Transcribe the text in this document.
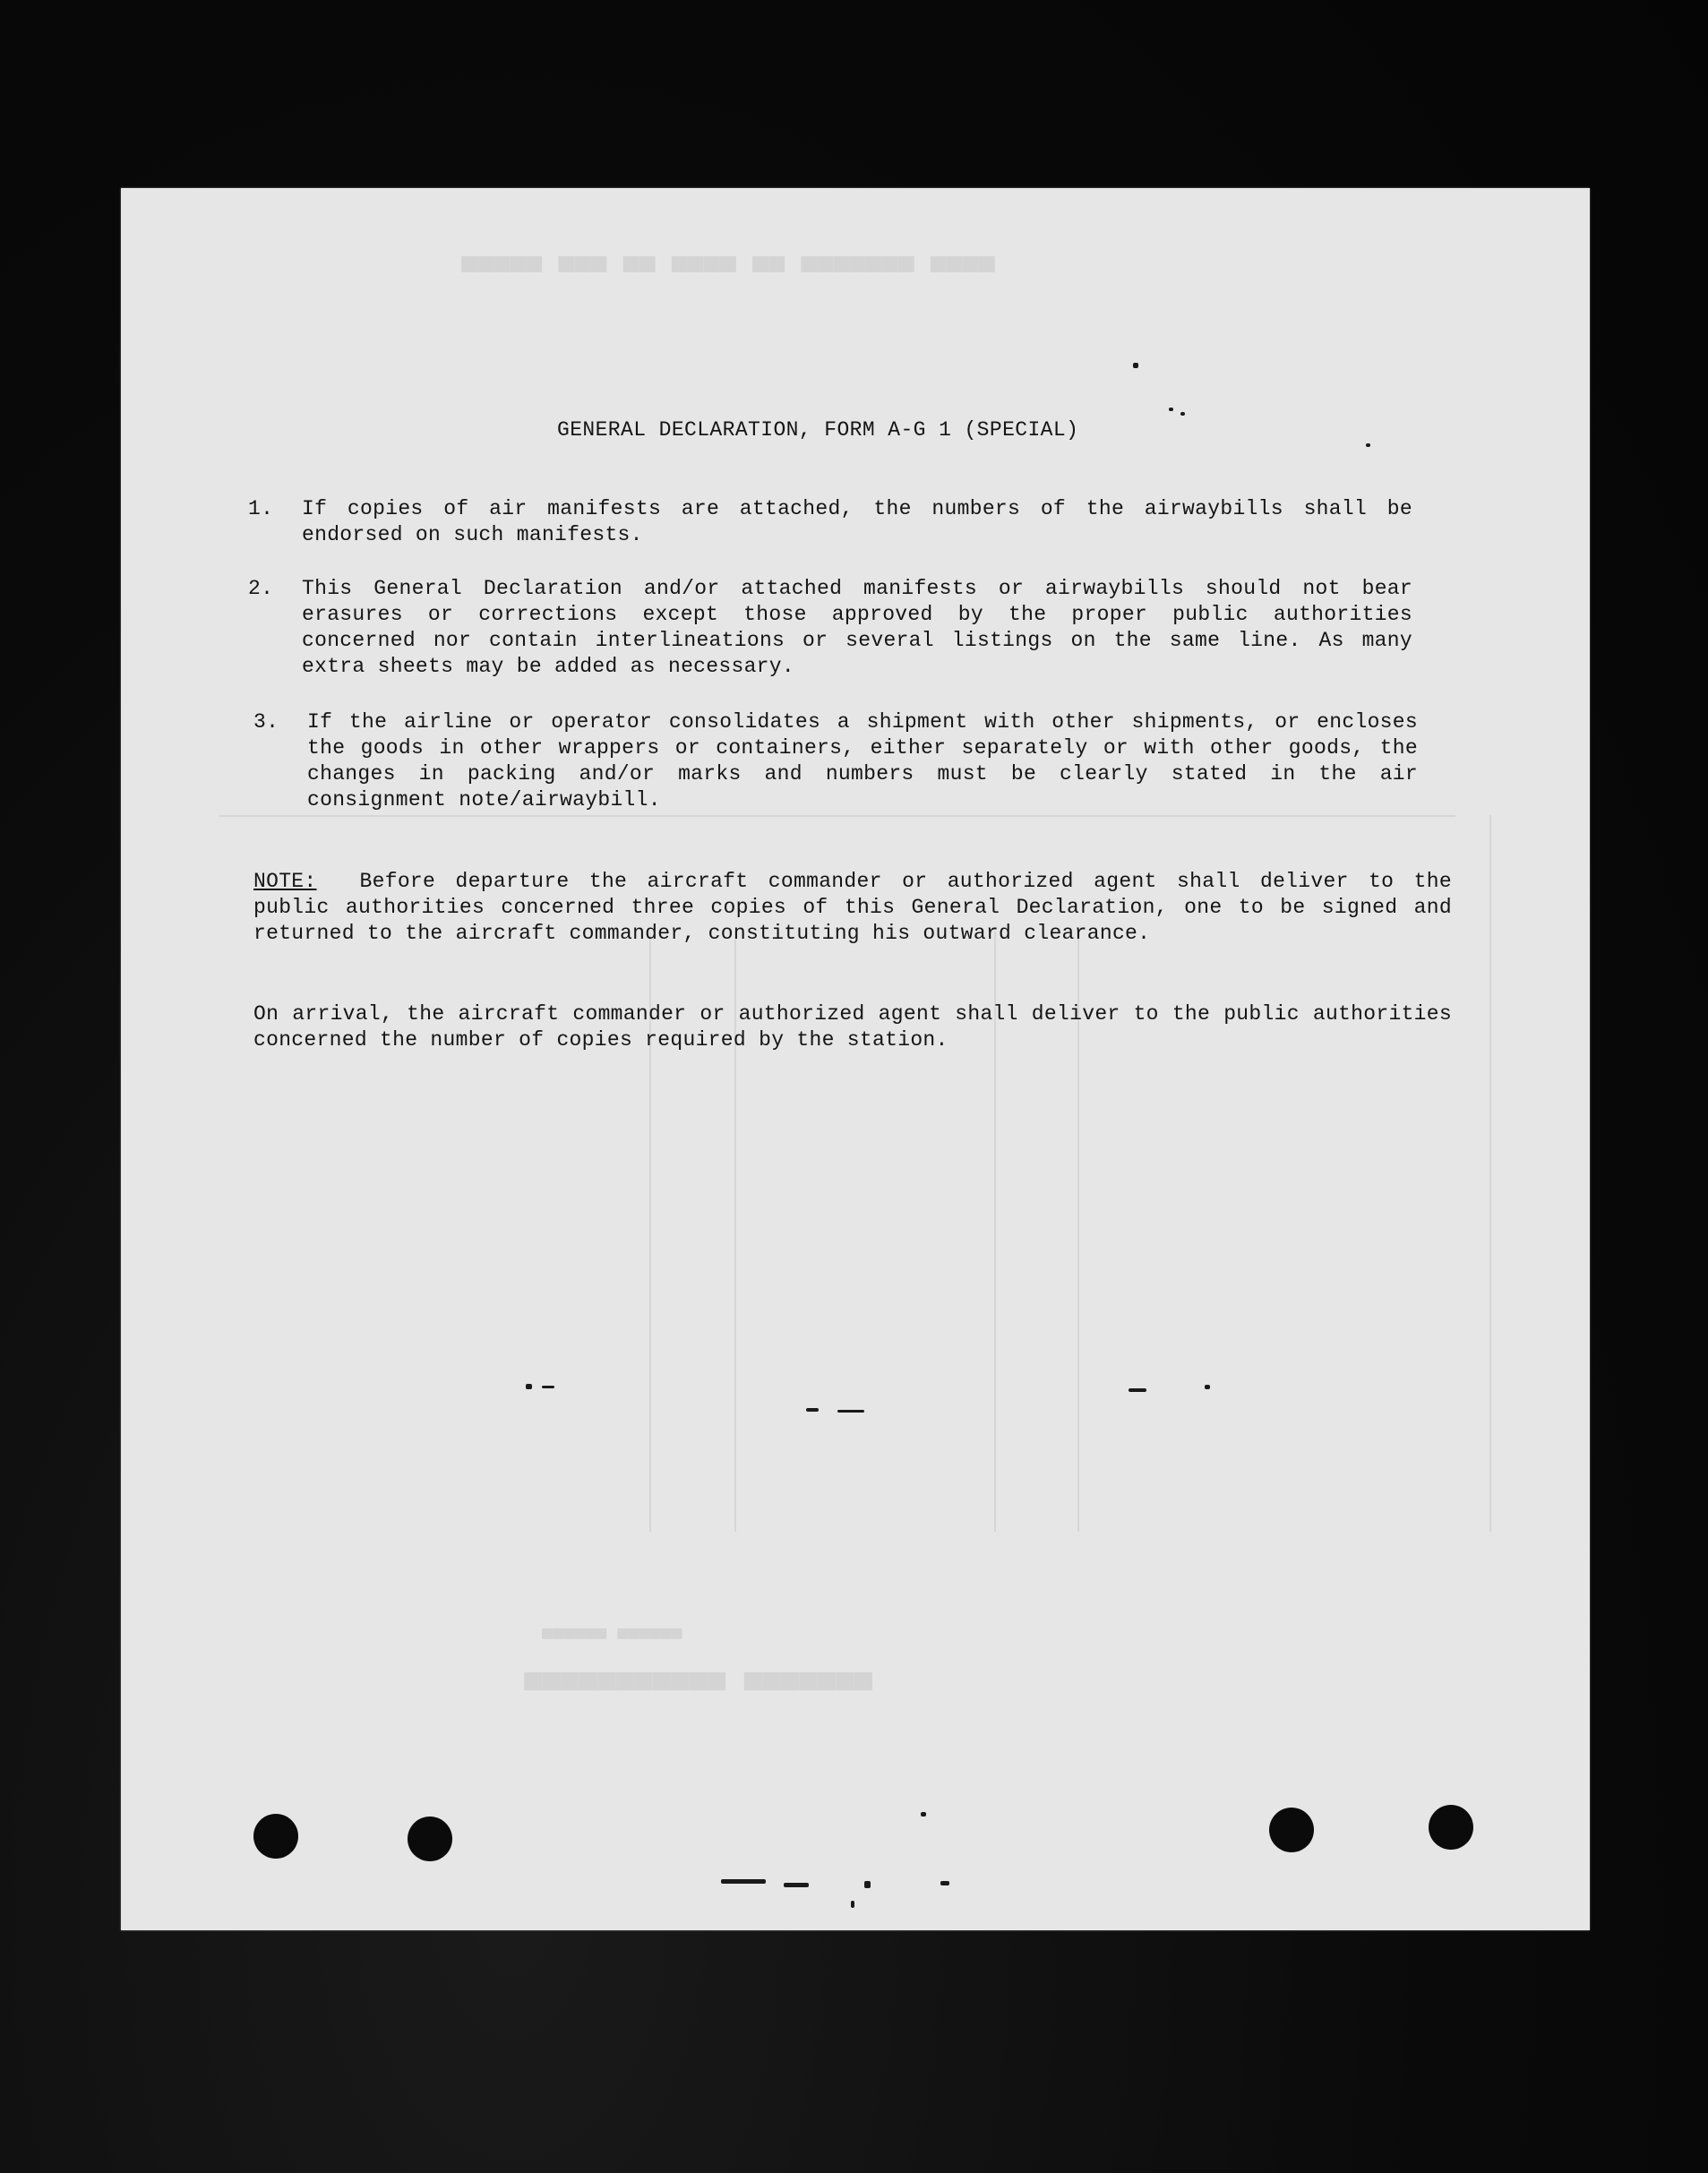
■■■■ ■■■■■■■ ■■ ■■■■ ■■ ■■■ ■■■■■
■■■■■■■ ■■■■■■■■■■■
■■■■■■ ■■■■■■
GENERAL DECLARATION, FORM A-G 1 (SPECIAL)
1.	If copies of air manifests are attached, the numbers of the airwaybills shall be endorsed on such manifests.
2.	This General Declaration and/or attached manifests or airwaybills should not bear erasures or corrections except those approved by the proper public authorities concerned nor contain interlineations or several listings on the same line. As many extra sheets may be added as necessary.
3.	If the airline or operator consolidates a shipment with other shipments, or encloses the goods in other wrappers or containers, either separately or with other goods, the changes in packing and/or marks and numbers must be clearly stated in the air consignment note/airwaybill.
NOTE: Before departure the aircraft commander or authorized agent shall deliver to the public authorities concerned three copies of this General Declaration, one to be signed and returned to the aircraft commander, constituting his outward clearance.
On arrival, the aircraft commander or authorized agent shall deliver to the public authorities concerned the number of copies required by the station.
